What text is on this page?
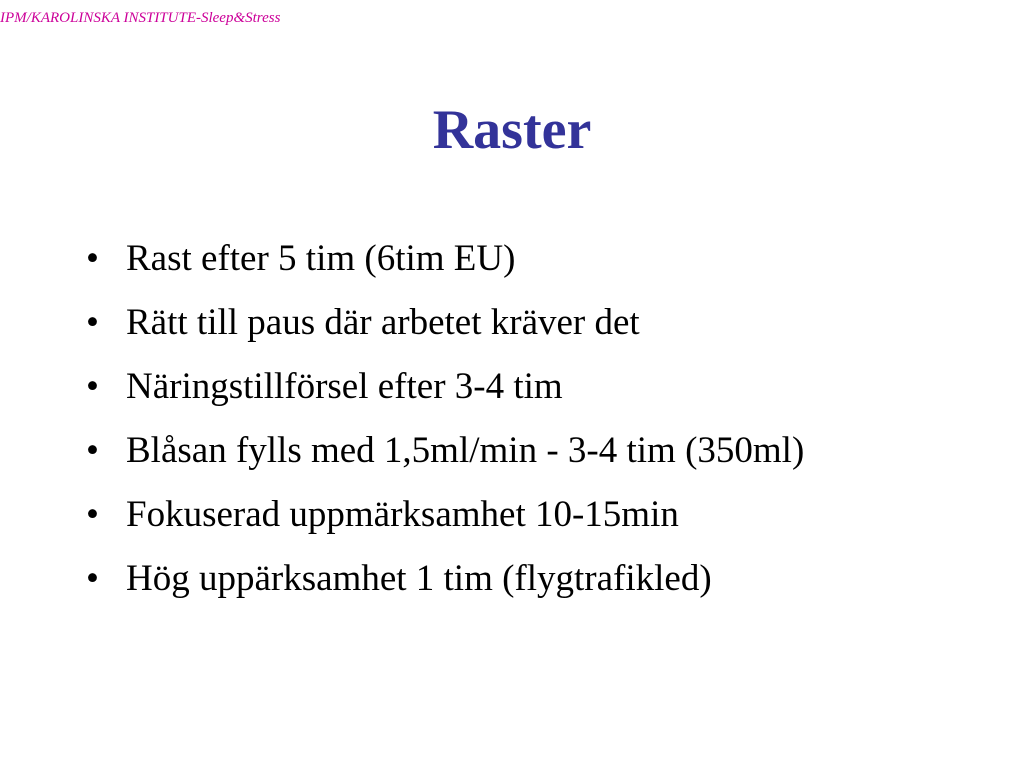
IPM/KAROLINSKA INSTITUTE-Sleep&Stress
Raster
• Rast efter 5 tim (6tim EU)
• Rätt till paus där arbetet kräver det
• Näringstillförsel efter 3-4 tim
• Blåsan fylls med 1,5ml/min - 3-4 tim (350ml)
• Fokuserad uppmärksamhet 10-15min
• Hög uppärksamhet 1 tim (flygtrafikled)
